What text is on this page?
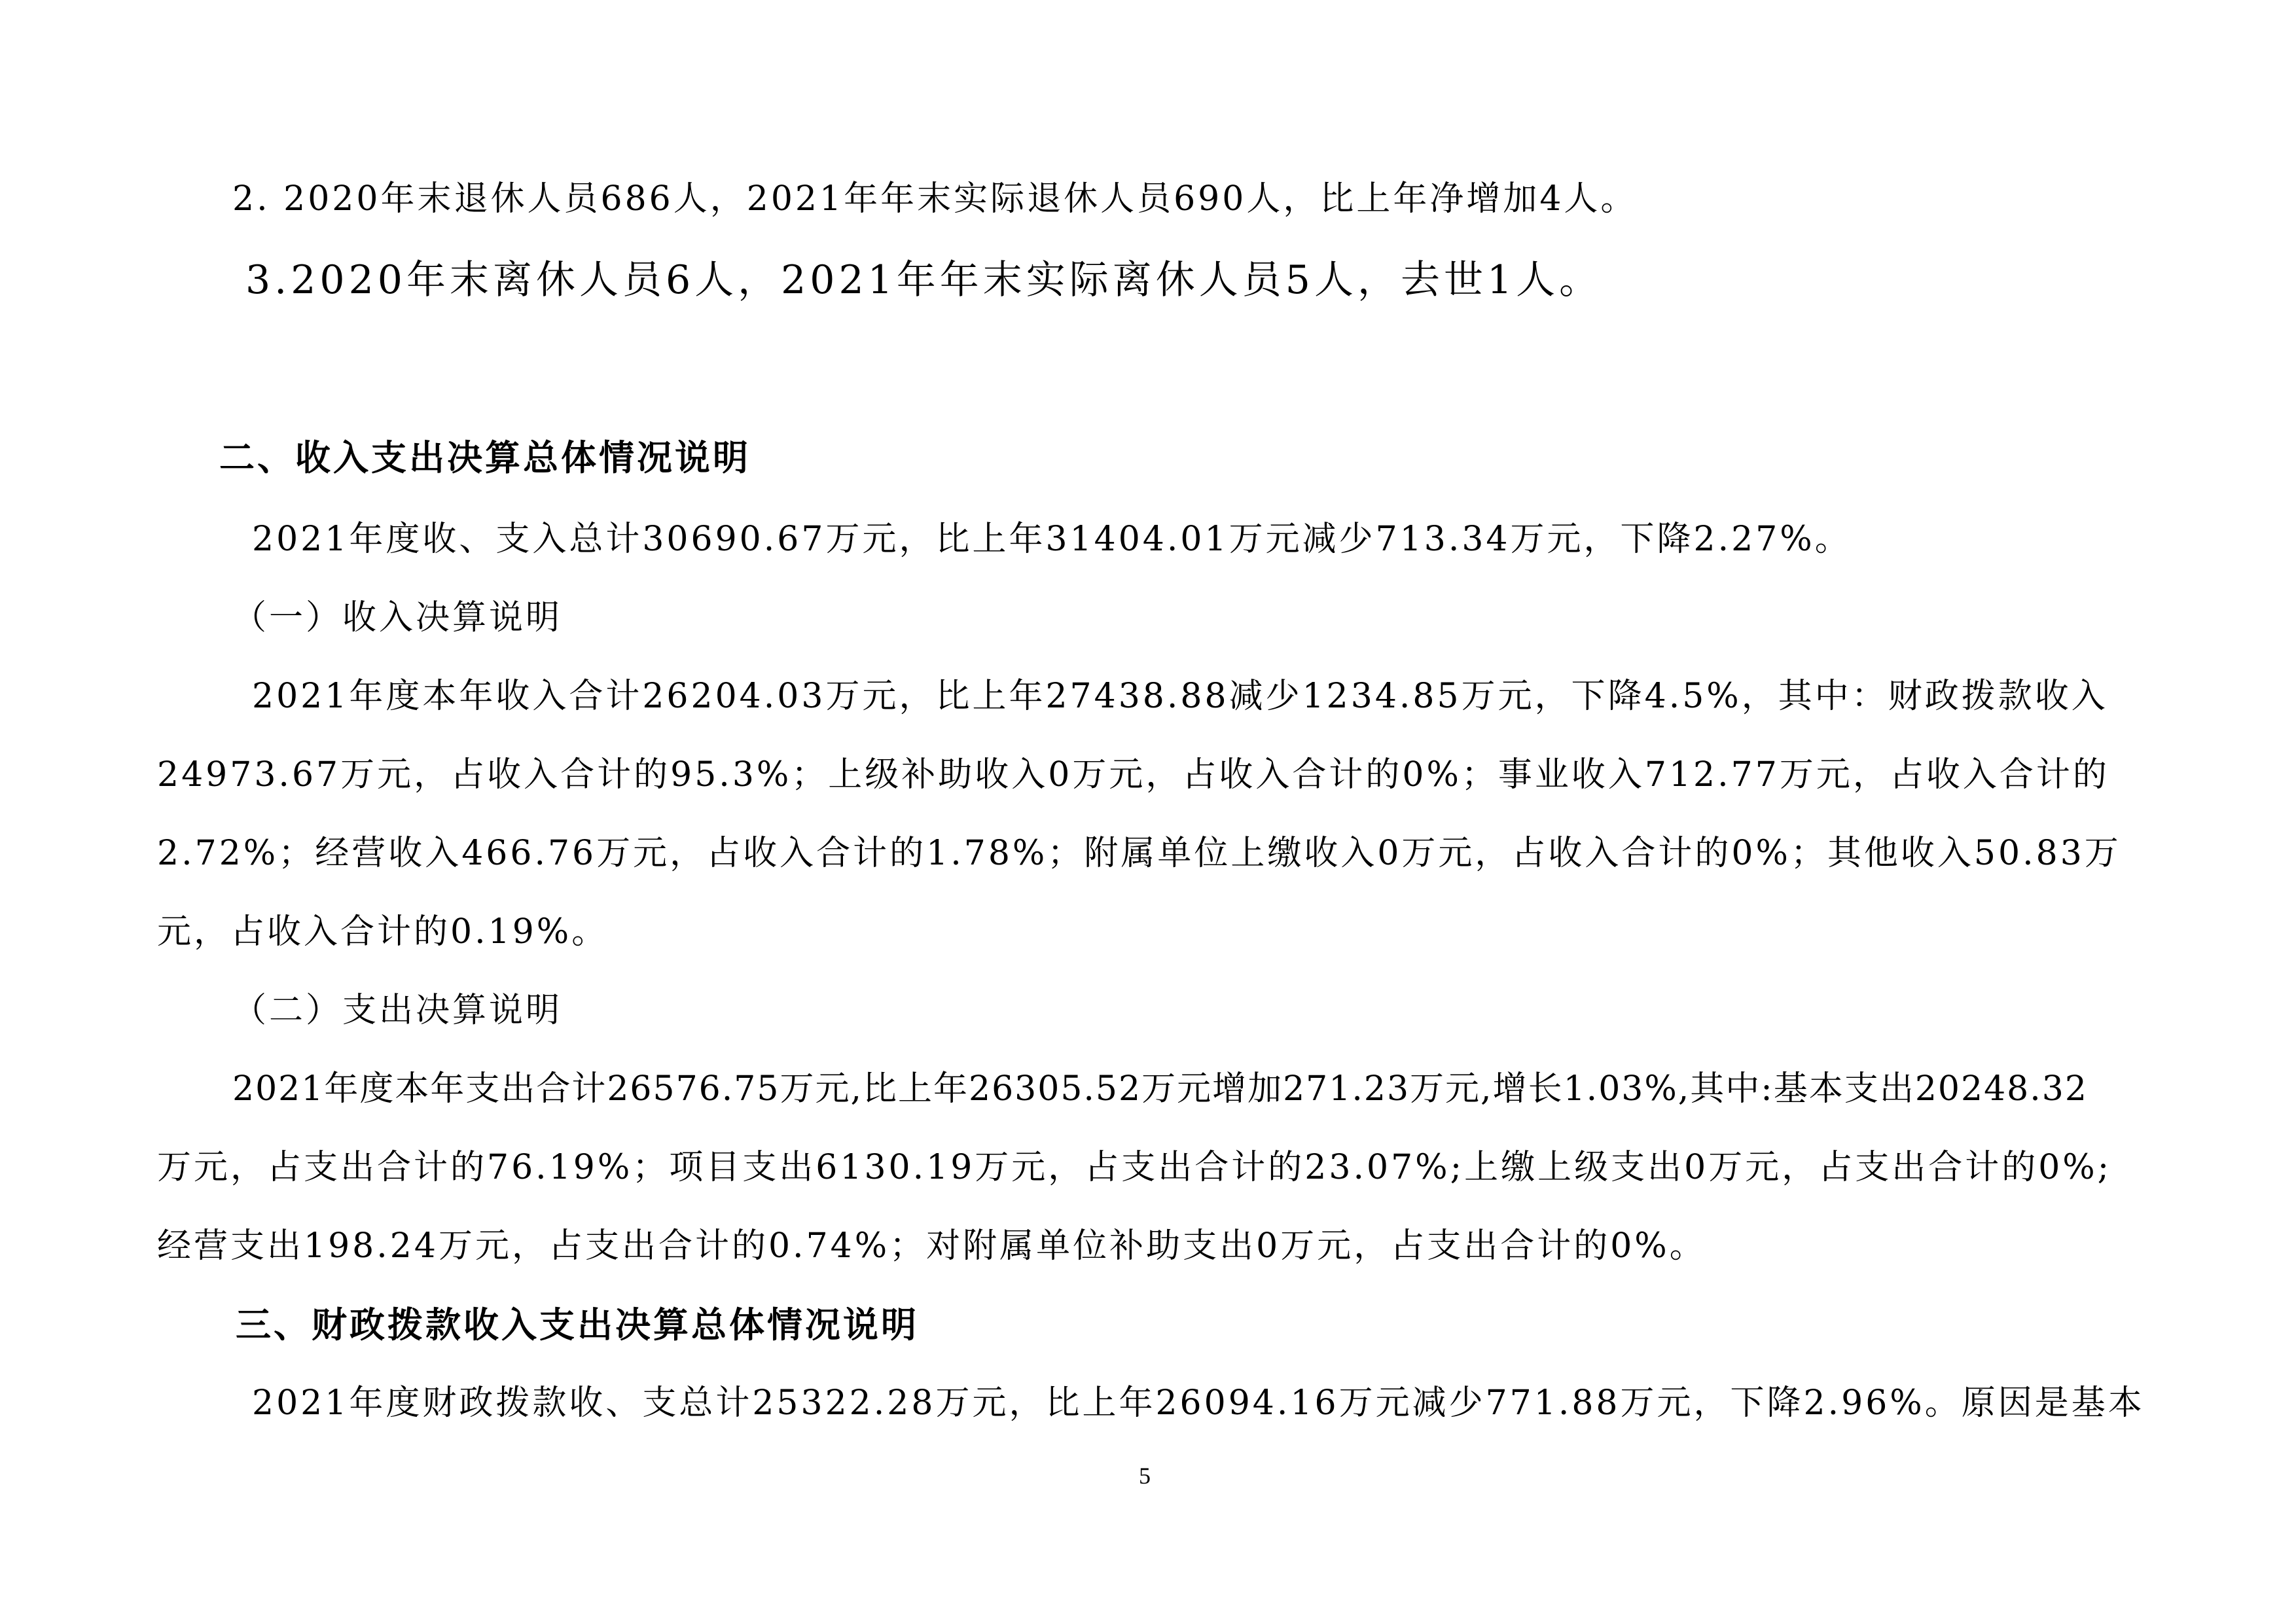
2. 2020年末退休人员686人，2021年年末实际退休人员690人，比上年净增加4人。
3.2020年末离休人员6人，2021年年末实际离休人员5人，去世1人。
二、收入支出决算总体情况说明
2021年度收、支入总计30690.67万元，比上年31404.01万元减少713.34万元，下降2.27%。
（一）收入决算说明
2021年度本年收入合计26204.03万元，比上年27438.88减少1234.85万元，下降4.5%，其中：财政拨款收入
24973.67万元，占收入合计的95.3%；上级补助收入0万元，占收入合计的0%；事业收入712.77万元，占收入合计的
2.72%；经营收入466.76万元，占收入合计的1.78%；附属单位上缴收入0万元，占收入合计的0%；其他收入50.83万
元，占收入合计的0.19%。
（二）支出决算说明
2021年度本年支出合计26576.75万元,比上年26305.52万元增加271.23万元,增长1.03%,其中:基本支出20248.32
万元，占支出合计的76.19%；项目支出6130.19万元，占支出合计的23.07%;上缴上级支出0万元，占支出合计的0%;
经营支出198.24万元，占支出合计的0.74%；对附属单位补助支出0万元，占支出合计的0%。
三、财政拨款收入支出决算总体情况说明
2021年度财政拨款收、支总计25322.28万元，比上年26094.16万元减少771.88万元，下降2.96%。原因是基本
5
